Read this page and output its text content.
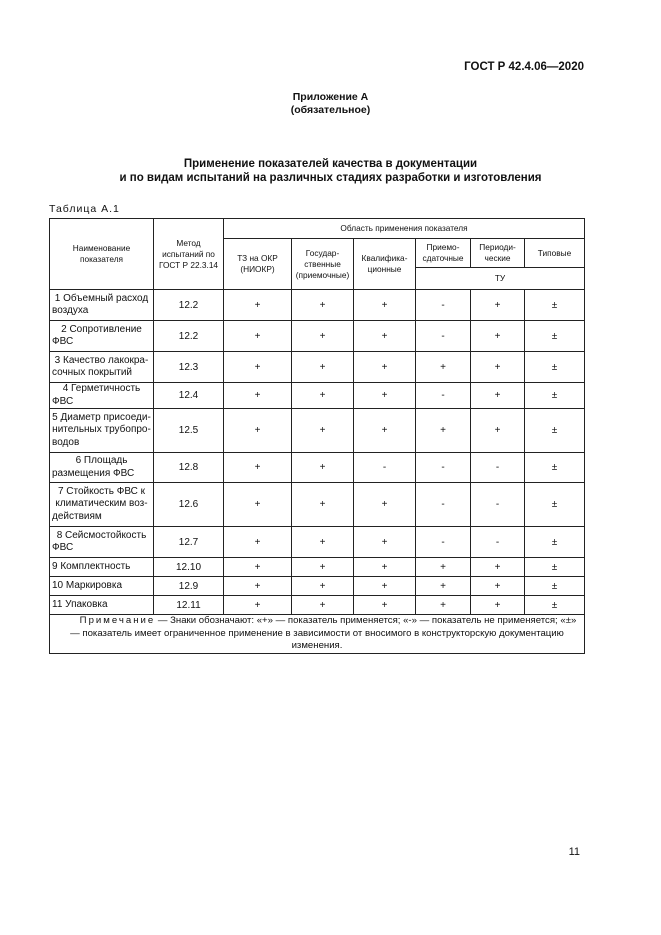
ГОСТ Р 42.4.06—2020
Приложение А
(обязательное)
Применение показателей качества в документации
и по видам испытаний на различных стадиях разработки и изготовления
Таблица А.1
Наименование показателя	Метод испытаний по ГОСТ Р 22.3.14	Область применения показателя					
		ТЗ на ОКР (НИОКР)	Государственные (приемочные)	Квалификационные	Приемосдаточные	Периодические	Типовые
					ТУ		
1 Объемный расход воздуха	12.2	+	+	+	-	+	±
2 Сопротивление ФВС	12.2	+	+	+	-	+	±
3 Качество лакокрасочных покрытий	12.3	+	+	+	+	+	±
4 Герметичность ФВС	12.4	+	+	+	-	+	±
5 Диаметр присоединительных трубопроводов	12.5	+	+	+	+	+	±
6 Площадь размещения ФВС	12.8	+	+	-	-	-	±
7 Стойкость ФВС к климатическим воздействиям	12.6	+	+	+	-	-	±
8 Сейсмостойкость ФВС	12.7	+	+	+	-	-	±
9 Комплектность	12.10	+	+	+	+	+	±
10 Маркировка	12.9	+	+	+	+	+	±
11 Упаковка	12.11	+	+	+	+	+	±
Примечание — Знаки обозначают: «+» — показатель применяется; «-» — показатель не применяется; «±» — показатель имеет ограниченное применение в зависимости от вносимого в конструкторскую документацию изменения.							
11
